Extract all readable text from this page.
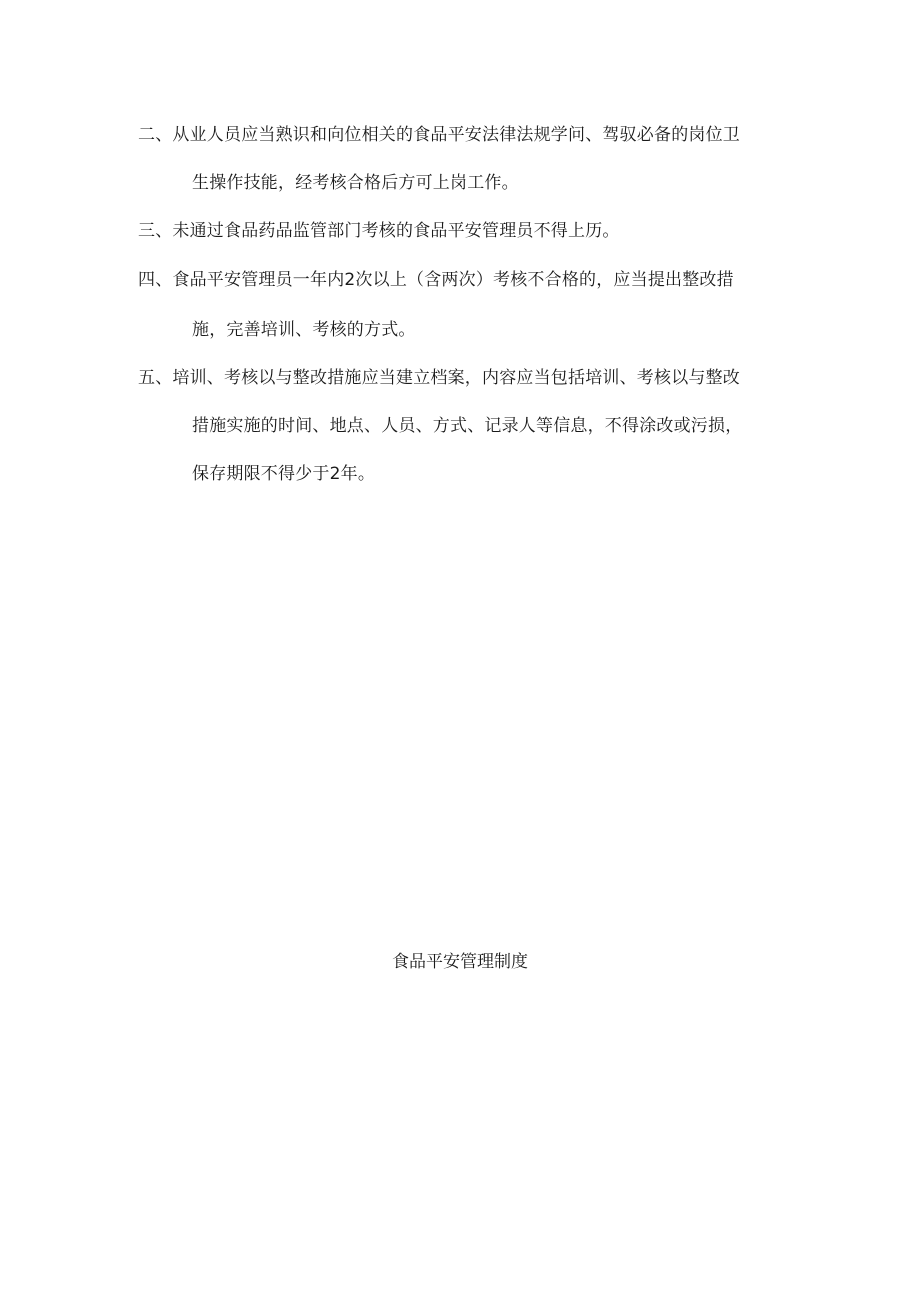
二、从业人员应当熟识和向位相关的食品平安法律法规学问、驾驭必备的岗位卫
生操作技能，经考核合格后方可上岗工作。
三、未通过食品药品监管部门考核的食品平安管理员不得上历。
四、食品平安管理员一年内2次以上（含两次）考核不合格的，应当提出整改措
施，完善培训、考核的方式。
五、培训、考核以与整改措施应当建立档案，内容应当包括培训、考核以与整改
措施实施的时间、地点、人员、方式、记录人等信息，不得涂改或污损，
保存期限不得少于2年。
食品平安管理制度
